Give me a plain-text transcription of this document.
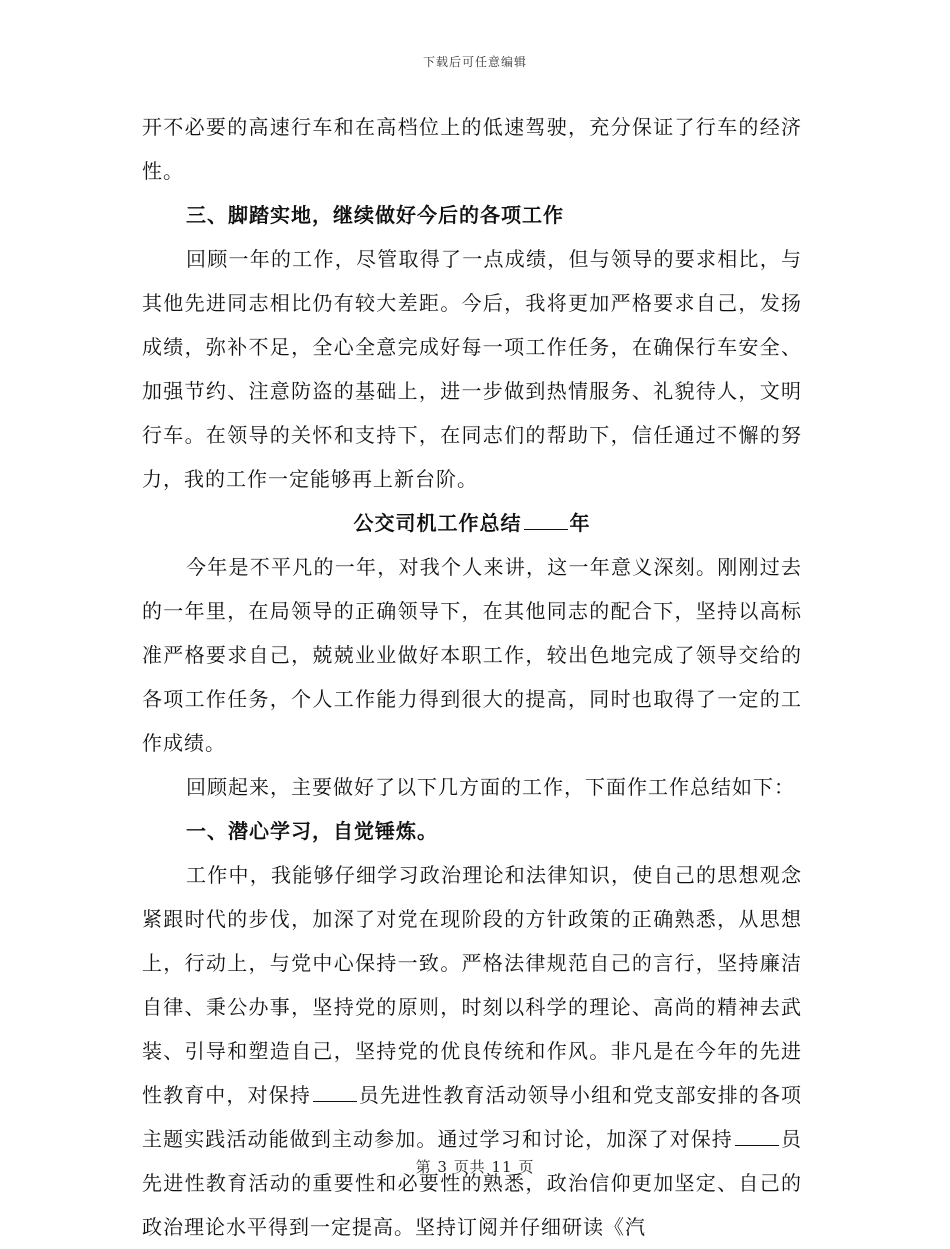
下载后可任意编辑

开不必要的高速行车和在高档位上的低速驾驶，充分保证了行车的经济性。

三、脚踏实地，继续做好今后的各项工作

回顾一年的工作，尽管取得了一点成绩，但与领导的要求相比，与其他先进同志相比仍有较大差距。今后，我将更加严格要求自己，发扬成绩，弥补不足，全心全意完成好每一项工作任务，在确保行车安全、加强节约、注意防盗的基础上，进一步做到热情服务、礼貌待人，文明行车。在领导的关怀和支持下，在同志们的帮助下，信任通过不懈的努力，我的工作一定能够再上新台阶。

公交司机工作总结 年

今年是不平凡的一年，对我个人来讲，这一年意义深刻。刚刚过去的一年里，在局领导的正确领导下，在其他同志的配合下，坚持以高标准严格要求自己，兢兢业业做好本职工作，较出色地完成了领导交给的各项工作任务，个人工作能力得到很大的提高，同时也取得了一定的工作成绩。

回顾起来，主要做好了以下几方面的工作，下面作工作总结如下：

一、潜心学习，自觉锤炼。

工作中，我能够仔细学习政治理论和法律知识，使自己的思想观念紧跟时代的步伐，加深了对党在现阶段的方针政策的正确熟悉，从思想上，行动上，与党中心保持一致。严格法律规范自己的言行，坚持廉洁自律、秉公办事，坚持党的原则，时刻以科学的理论、高尚的精神去武装、引导和塑造自己，坚持党的优良传统和作风。非凡是在今年的先进性教育中，对保持 员先进性教育活动领导小组和党支部安排的各项主题实践活动能做到主动参加。通过学习和讨论，加深了对保持 员先进性教育活动的重要性和必要性的熟悉，政治信仰更加坚定、自己的政治理论水平得到一定提高。坚持订阅并仔细研读《汽

第 3 页共 11 页
